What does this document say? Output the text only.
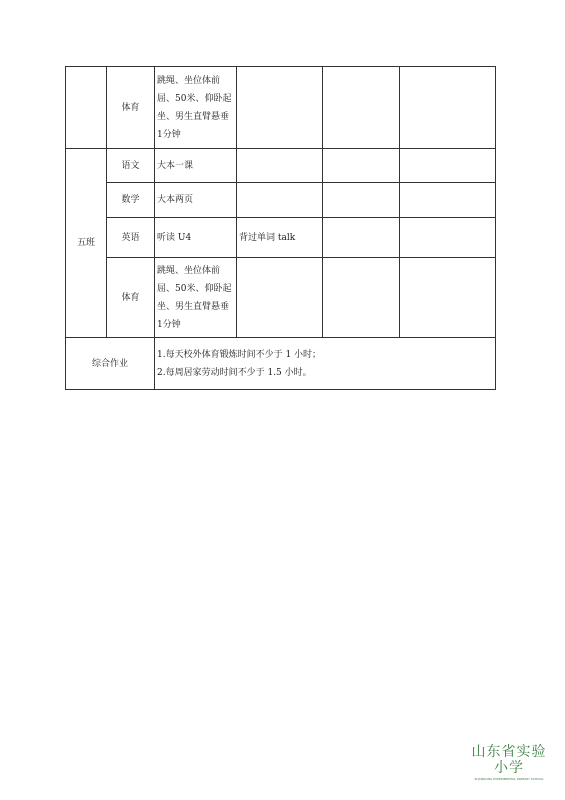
	体育	跳绳、坐位体前屈、50米、仰卧起坐、男生直臂悬垂1分钟			
五班	语文	大本一课			
	数学	大本两页			
	英语	听读 U4	背过单词 talk		
	体育	跳绳、坐位体前屈、50米、仰卧起坐、男生直臂悬垂1分钟			
综合作业		1.每天校外体育锻炼时间不少于 1 小时；
2.每周居家劳动时间不少于 1.5 小时。			
山东省实验小学
SHANDONG EXPERIMENTAL PRIMARY SCHOOL
